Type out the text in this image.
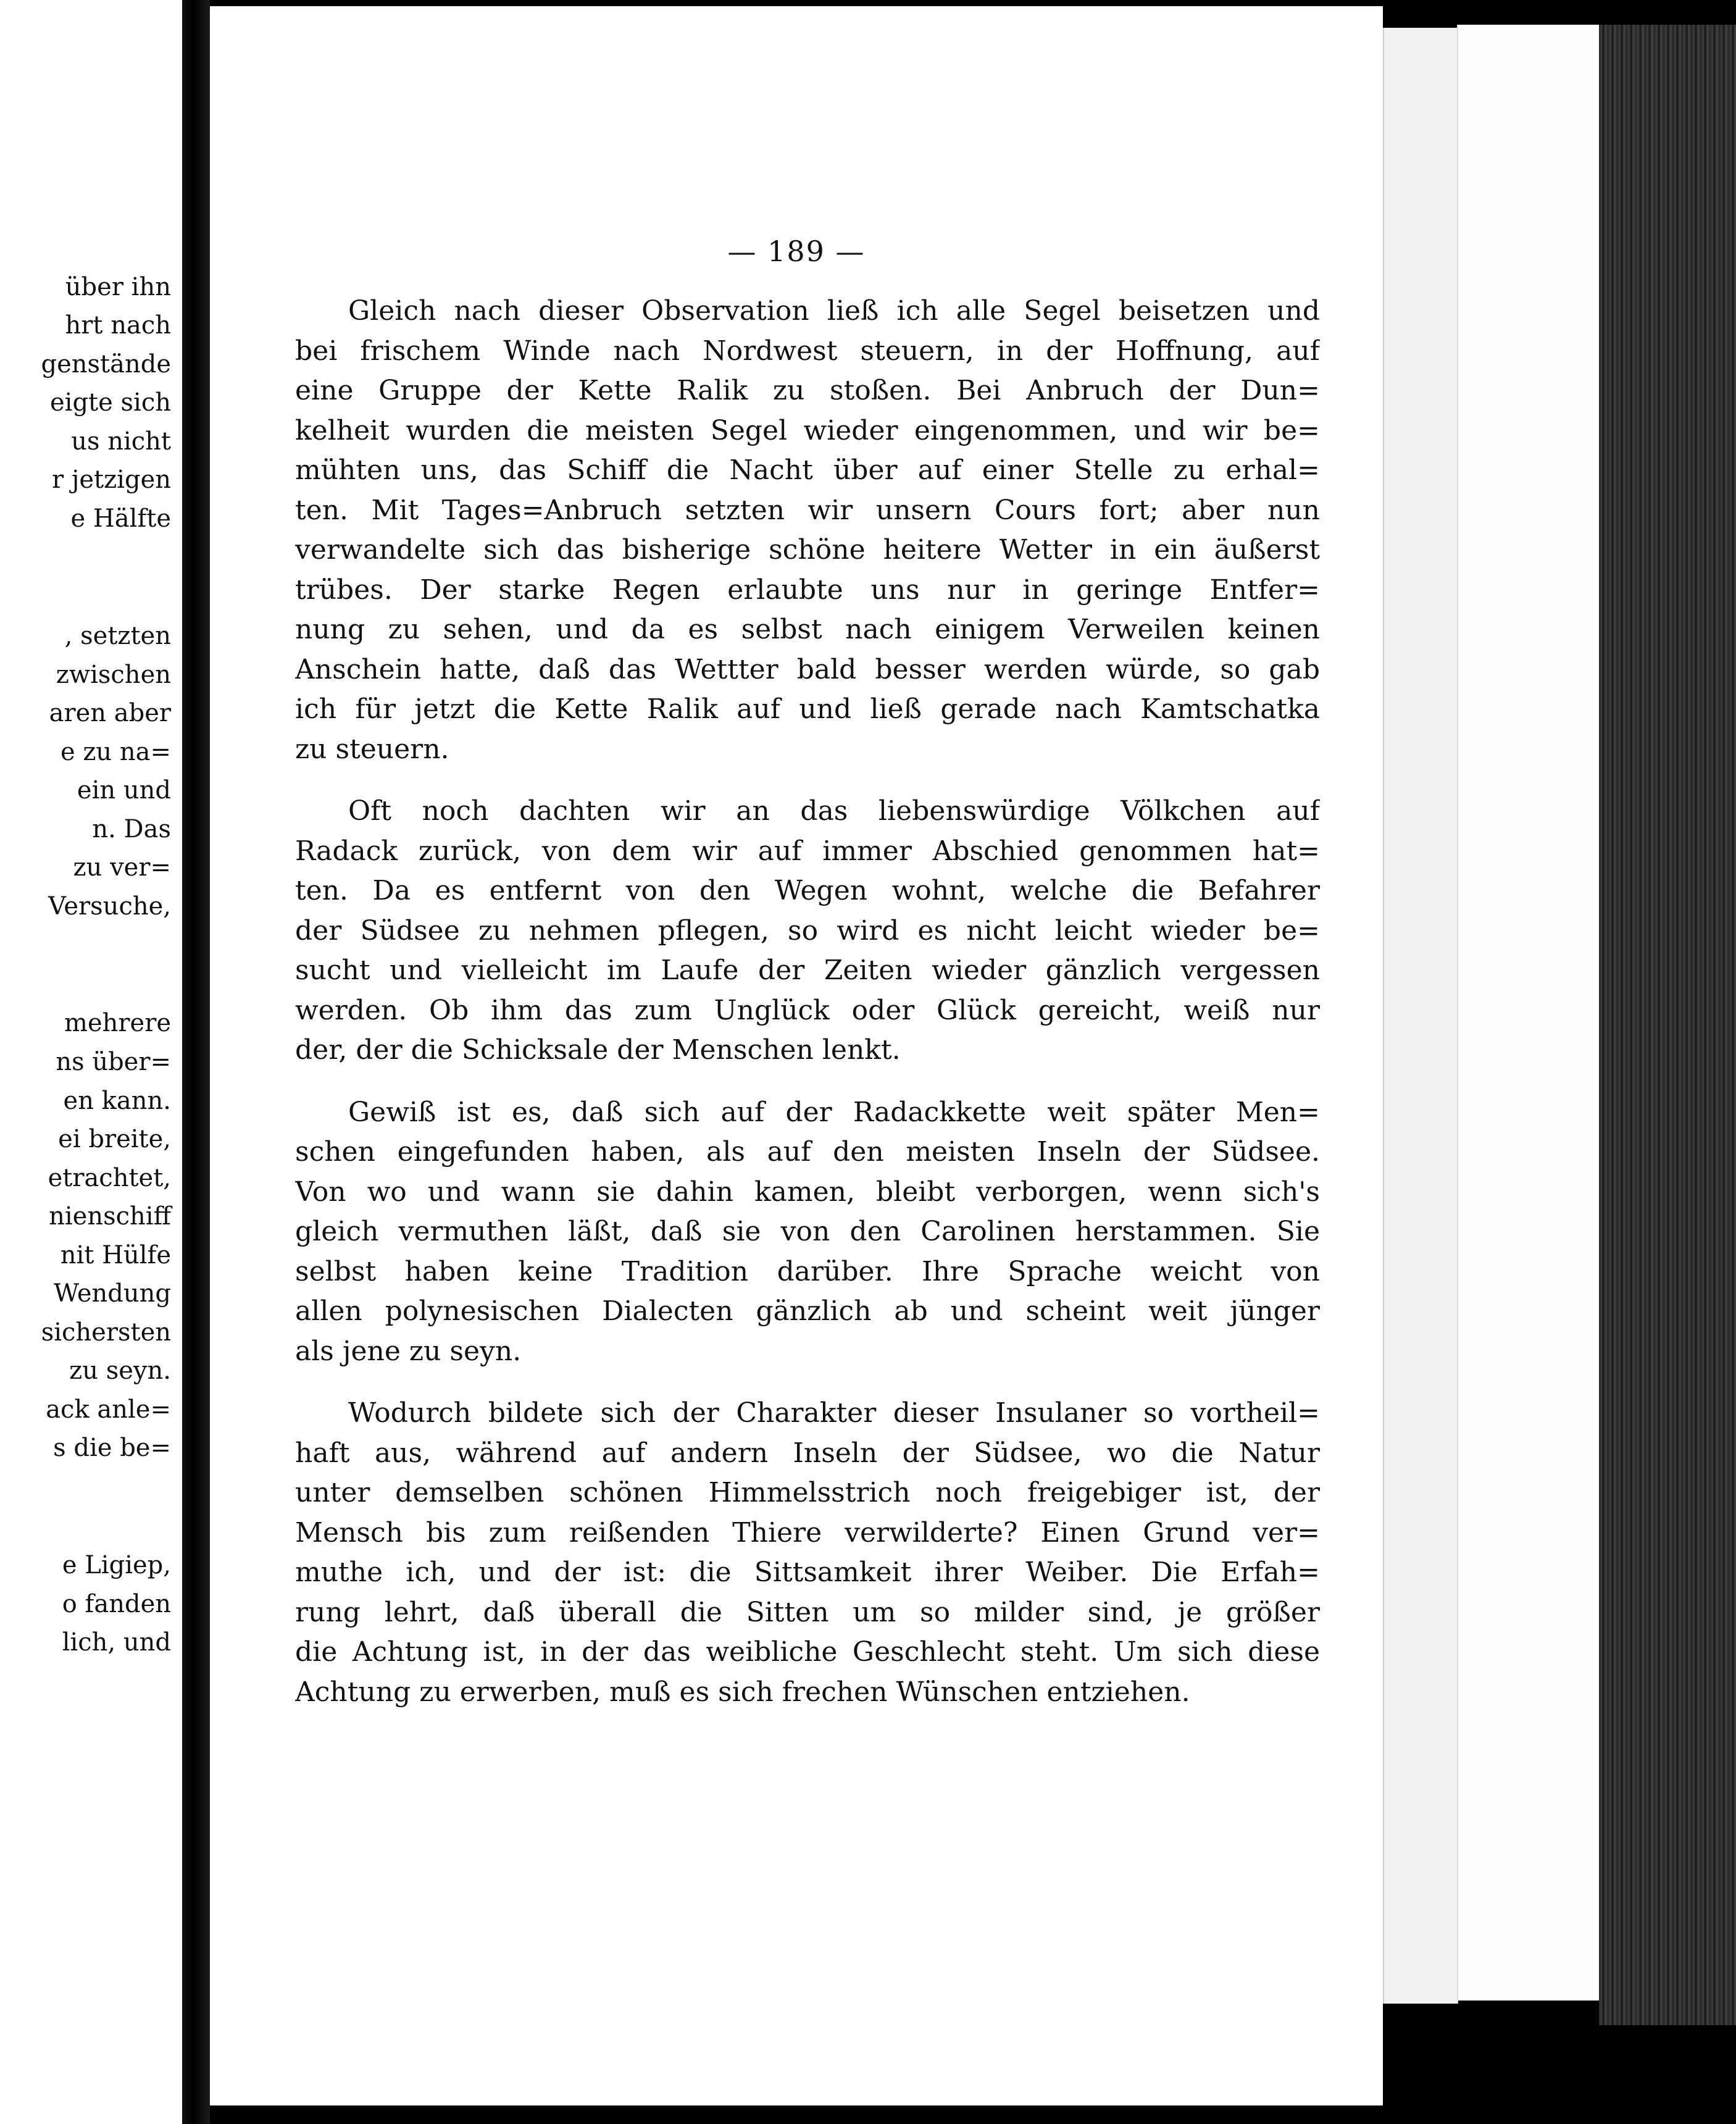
über ihn
hrt nach
genstände
eigte sich
us nicht
r jetzigen
e Hälfte
, setzten
zwischen
aren aber
e zu na=
ein und
n. Das
zu ver=
Versuche,
mehrere
ns über=
en kann.
ei breite,
etrachtet,
nienschiff
nit Hülfe
Wendung
sichersten
zu seyn.
ack anle=
s die be=
e Ligiep,
o fanden
lich, und
— 189 —
Gleich nach dieser Observation ließ ich alle Segel beisetzen und
bei frischem Winde nach Nordwest steuern, in der Hoffnung, auf
eine Gruppe der Kette Ralik zu stoßen. Bei Anbruch der Dun=
kelheit wurden die meisten Segel wieder eingenommen, und wir be=
mühten uns, das Schiff die Nacht über auf einer Stelle zu erhal=
ten. Mit Tages=Anbruch setzten wir unsern Cours fort; aber nun
verwandelte sich das bisherige schöne heitere Wetter in ein äußerst
trübes. Der starke Regen erlaubte uns nur in geringe Entfer=
nung zu sehen, und da es selbst nach einigem Verweilen keinen
Anschein hatte, daß das Wettter bald besser werden würde, so gab
ich für jetzt die Kette Ralik auf und ließ gerade nach Kamtschatka
zu steuern.
Oft noch dachten wir an das liebenswürdige Völkchen auf
Radack zurück, von dem wir auf immer Abschied genommen hat=
ten. Da es entfernt von den Wegen wohnt, welche die Befahrer
der Südsee zu nehmen pflegen, so wird es nicht leicht wieder be=
sucht und vielleicht im Laufe der Zeiten wieder gänzlich vergessen
werden. Ob ihm das zum Unglück oder Glück gereicht, weiß nur
der, der die Schicksale der Menschen lenkt.
Gewiß ist es, daß sich auf der Radackkette weit später Men=
schen eingefunden haben, als auf den meisten Inseln der Südsee.
Von wo und wann sie dahin kamen, bleibt verborgen, wenn sich's
gleich vermuthen läßt, daß sie von den Carolinen herstammen. Sie
selbst haben keine Tradition darüber. Ihre Sprache weicht von
allen polynesischen Dialecten gänzlich ab und scheint weit jünger
als jene zu seyn.
Wodurch bildete sich der Charakter dieser Insulaner so vortheil=
haft aus, während auf andern Inseln der Südsee, wo die Natur
unter demselben schönen Himmelsstrich noch freigebiger ist, der
Mensch bis zum reißenden Thiere verwilderte? Einen Grund ver=
muthe ich, und der ist: die Sittsamkeit ihrer Weiber. Die Erfah=
rung lehrt, daß überall die Sitten um so milder sind, je größer
die Achtung ist, in der das weibliche Geschlecht steht. Um sich diese
Achtung zu erwerben, muß es sich frechen Wünschen entziehen.
